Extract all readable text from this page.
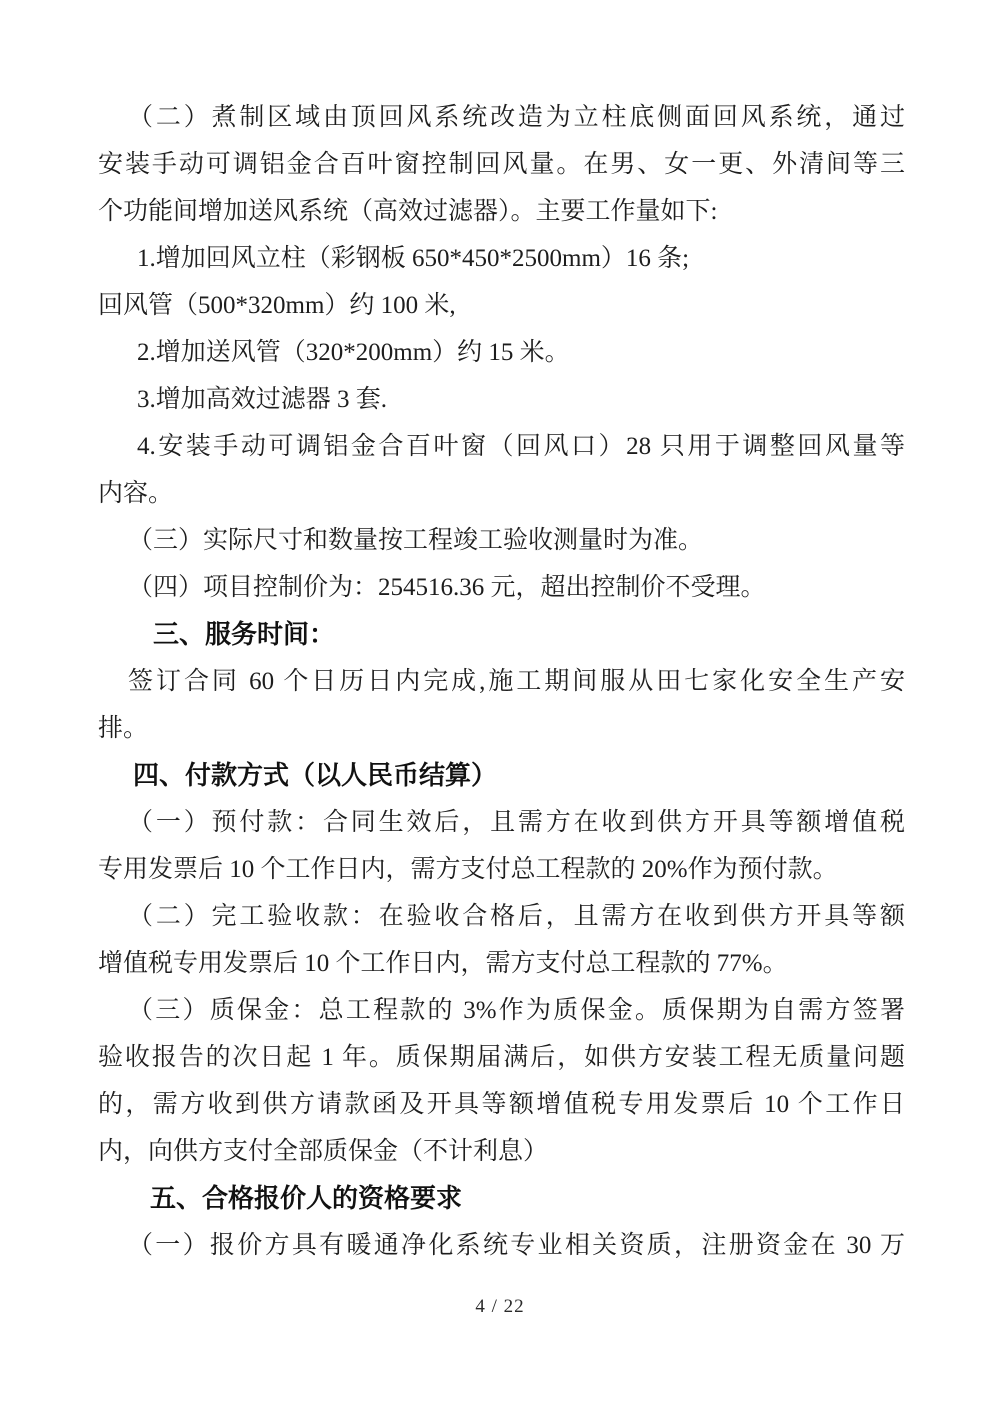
（二）煮制区域由顶回风系统改造为立柱底侧面回风系统，通过
安装手动可调铝金合百叶窗控制回风量。在男、女一更、外清间等三
个功能间增加送风系统（高效过滤器）。主要工作量如下:
1.增加回风立柱（彩钢板 650*450*2500mm）16 条;
回风管（500*320mm）约 100 米,
2.增加送风管（320*200mm）约 15 米。
3.增加高效过滤器 3 套.
4.安装手动可调铝金合百叶窗（回风口）28 只用于调整回风量等
内容。
（三）实际尺寸和数量按工程竣工验收测量时为准。
（四）项目控制价为：254516.36 元，超出控制价不受理。
三、服务时间：
签订合同 60 个日历日内完成,施工期间服从田七家化安全生产安
排。
四、付款方式（以人民币结算）
（一）预付款：合同生效后，且需方在收到供方开具等额增值税
专用发票后 10 个工作日内，需方支付总工程款的 20%作为预付款。
（二）完工验收款：在验收合格后，且需方在收到供方开具等额
增值税专用发票后 10 个工作日内，需方支付总工程款的 77%。
（三）质保金：总工程款的 3%作为质保金。质保期为自需方签署
验收报告的次日起 1 年。质保期届满后，如供方安装工程无质量问题
的，需方收到供方请款函及开具等额增值税专用发票后 10 个工作日
内，向供方支付全部质保金（不计利息）
五、合格报价人的资格要求
（一）报价方具有暖通净化系统专业相关资质，注册资金在 30 万
4 / 22
